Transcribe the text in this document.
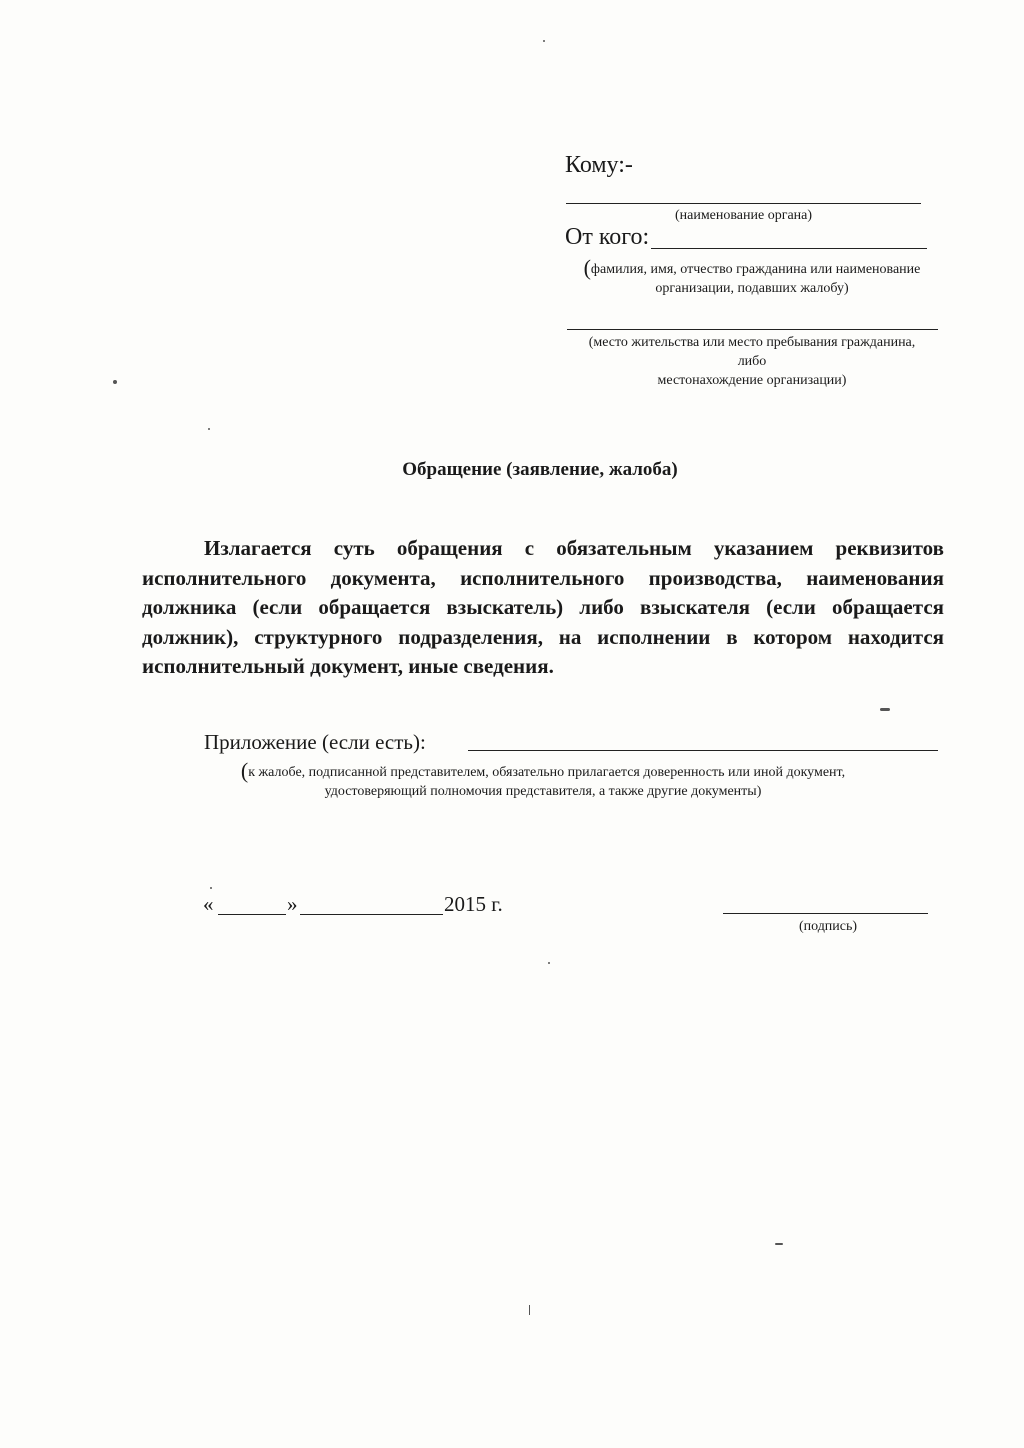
Кому:-
(наименование органа)
От кого:
(фамилия, имя, отчество гражданина или наименование
организации, подавших жалобу)
(место жительства или место пребывания гражданина,
либо
местонахождение организации)
Обращение (заявление, жалоба)
Излагается суть обращения с обязательным указанием реквизитов исполнительного документа, исполнительного производства, наименования должника (если обращается взыскатель) либо взыскателя (если обращается должник), структурного подразделения, на исполнении в котором находится исполнительный документ, иные сведения.
Приложение (если есть):
(к жалобе, подписанной представителем, обязательно прилагается доверенность или иной документ,
удостоверяющий полномочия представителя, а также другие документы)
«	»	2015 г.
(подпись)
